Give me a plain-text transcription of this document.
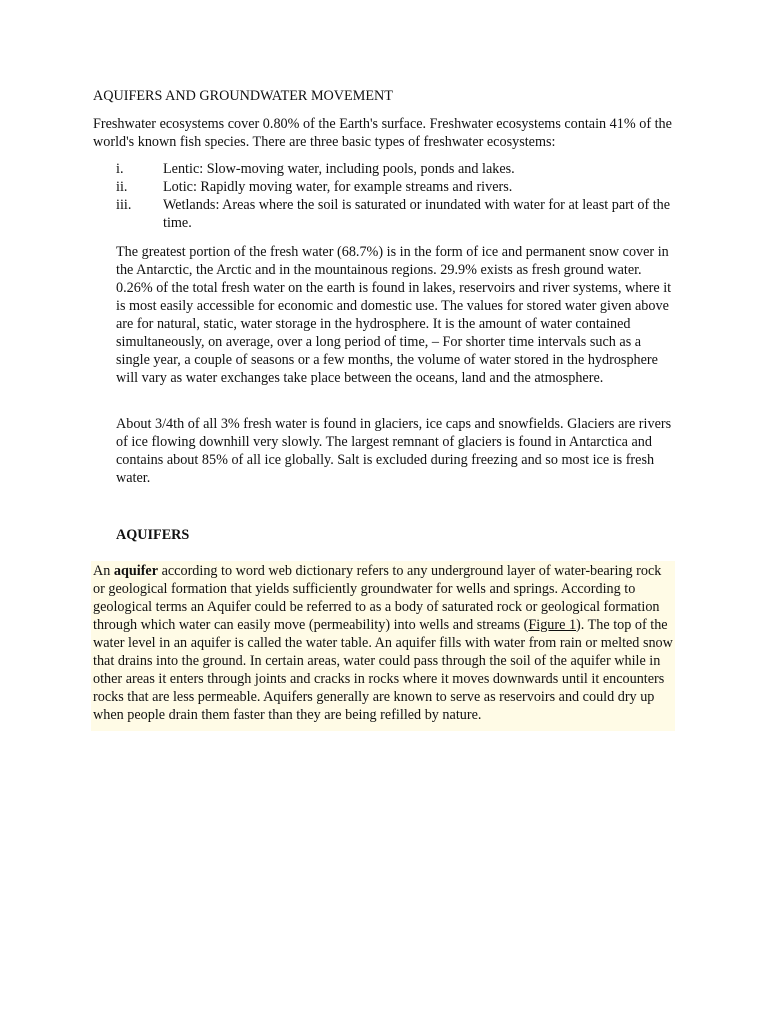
AQUIFERS AND GROUNDWATER MOVEMENT

Freshwater ecosystems cover 0.80% of the Earth's surface. Freshwater ecosystems contain 41% of the world's known fish species. There are three basic types of freshwater ecosystems:

i.	Lentic: Slow-moving water, including pools, ponds and lakes.
ii.	Lotic: Rapidly moving water, for example streams and rivers.
iii. Wetlands: Areas where the soil is saturated or inundated with water for at least part of the time.

The greatest portion of the fresh water (68.7%) is in the form of ice and permanent snow cover in the Antarctic, the Arctic and in the mountainous regions. 29.9% exists as fresh ground water. 0.26% of the total fresh water on the earth is found in lakes, reservoirs and river systems, where it is most easily accessible for economic and domestic use. The values for stored water given above are for natural, static, water storage in the hydrosphere. It is the amount of water contained simultaneously, on average, over a long period of time, – For shorter time intervals such as a single year, a couple of seasons or a few months, the volume of water stored in the hydrosphere will vary as water exchanges take place between the oceans, land and the atmosphere.

About 3/4th of all 3% fresh water is found in glaciers, ice caps and snowfields. Glaciers are rivers of ice flowing downhill very slowly. The largest remnant of glaciers is found in Antarctica and contains about 85% of all ice globally. Salt is excluded during freezing and so most ice is fresh water.

AQUIFERS

An aquifer according to word web dictionary refers to any underground layer of water-bearing rock or geological formation that yields sufficiently groundwater for wells and springs. According to geological terms an Aquifer could be referred to as a body of saturated rock or geological formation through which water can easily move (permeability) into wells and streams (Figure 1). The top of the water level in an aquifer is called the water table. An aquifer fills with water from rain or melted snow that drains into the ground. In certain areas, water could pass through the soil of the aquifer while in other areas it enters through joints and cracks in rocks where it moves downwards until it encounters rocks that are less permeable. Aquifers generally are known to serve as reservoirs and could dry up when people drain them faster than they are being refilled by nature.
